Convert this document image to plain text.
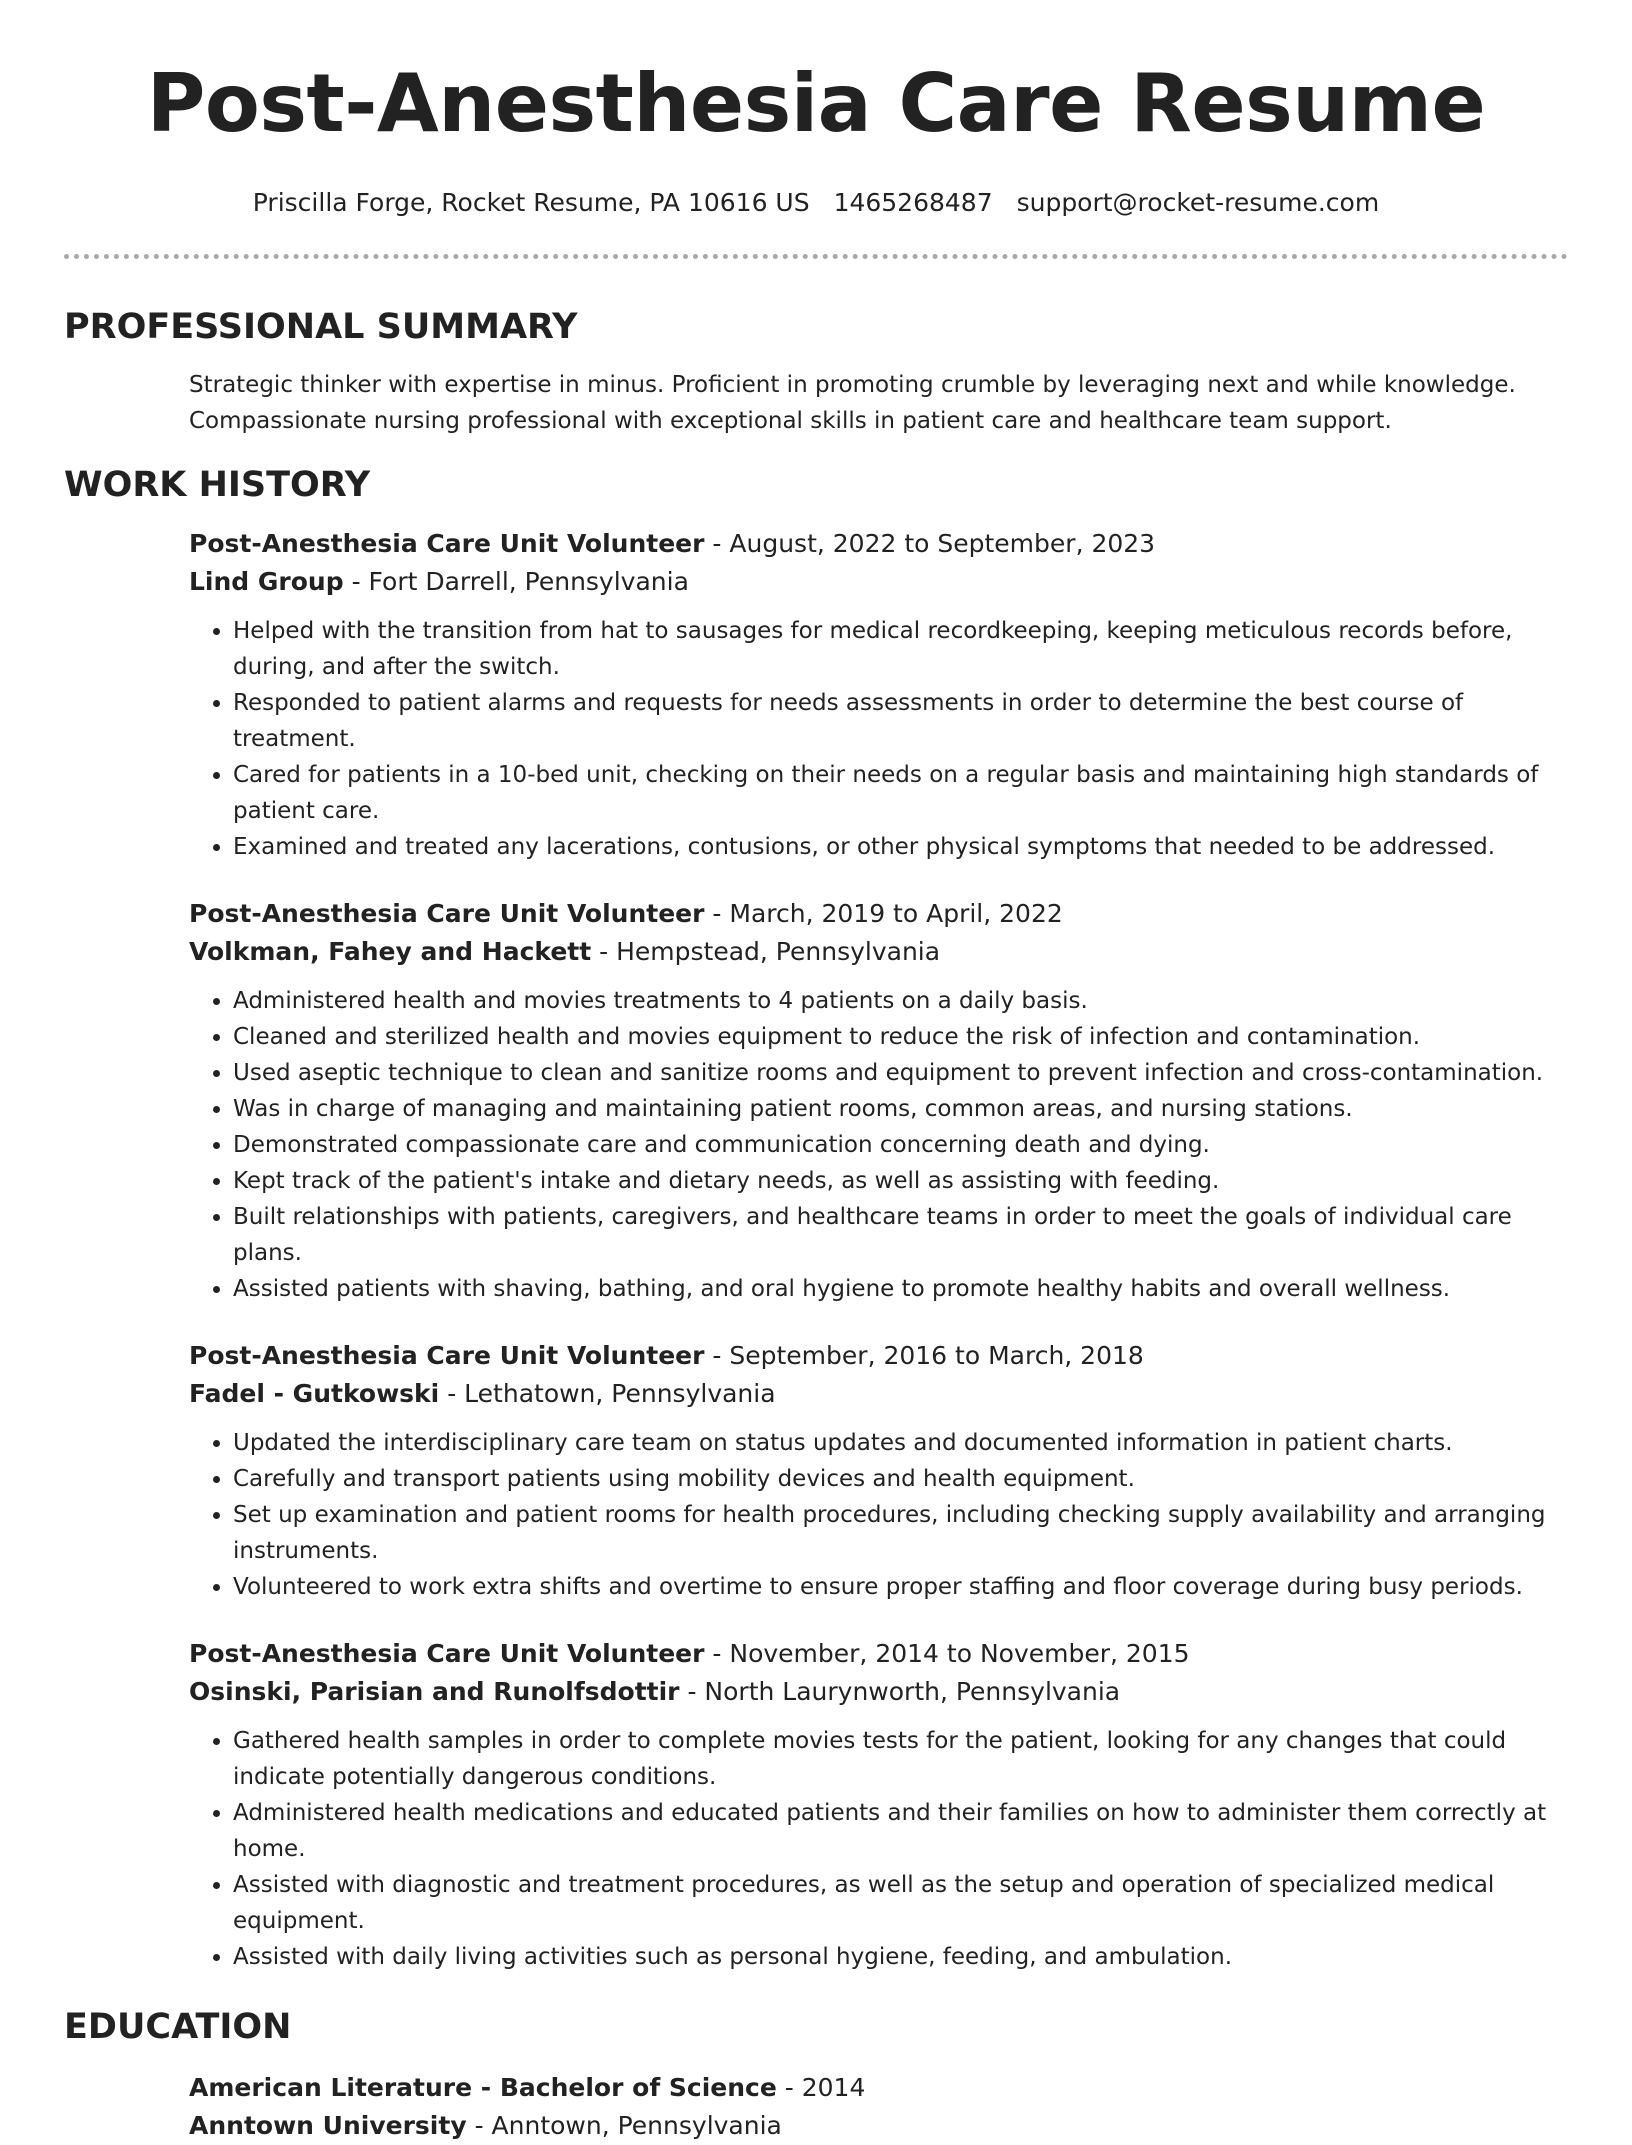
Post-Anesthesia Care Resume
Priscilla Forge, Rocket Resume, PA 10616 US 1465268487 support@rocket-resume.com
PROFESSIONAL SUMMARY
Strategic thinker with expertise in minus. Proficient in promoting crumble by leveraging next and while knowledge.
Compassionate nursing professional with exceptional skills in patient care and healthcare team support.
WORK HISTORY
Post-Anesthesia Care Unit Volunteer - August, 2022 to September, 2023
Lind Group - Fort Darrell, Pennsylvania
• Helped with the transition from hat to sausages for medical recordkeeping, keeping meticulous records before, during, and after the switch.
• Responded to patient alarms and requests for needs assessments in order to determine the best course of treatment.
• Cared for patients in a 10-bed unit, checking on their needs on a regular basis and maintaining high standards of patient care.
• Examined and treated any lacerations, contusions, or other physical symptoms that needed to be addressed.
Post-Anesthesia Care Unit Volunteer - March, 2019 to April, 2022
Volkman, Fahey and Hackett - Hempstead, Pennsylvania
• Administered health and movies treatments to 4 patients on a daily basis.
• Cleaned and sterilized health and movies equipment to reduce the risk of infection and contamination.
• Used aseptic technique to clean and sanitize rooms and equipment to prevent infection and cross-contamination.
• Was in charge of managing and maintaining patient rooms, common areas, and nursing stations.
• Demonstrated compassionate care and communication concerning death and dying.
• Kept track of the patient's intake and dietary needs, as well as assisting with feeding.
• Built relationships with patients, caregivers, and healthcare teams in order to meet the goals of individual care plans.
• Assisted patients with shaving, bathing, and oral hygiene to promote healthy habits and overall wellness.
Post-Anesthesia Care Unit Volunteer - September, 2016 to March, 2018
Fadel - Gutkowski - Lethatown, Pennsylvania
• Updated the interdisciplinary care team on status updates and documented information in patient charts.
• Carefully and transport patients using mobility devices and health equipment.
• Set up examination and patient rooms for health procedures, including checking supply availability and arranging instruments.
• Volunteered to work extra shifts and overtime to ensure proper staffing and floor coverage during busy periods.
Post-Anesthesia Care Unit Volunteer - November, 2014 to November, 2015
Osinski, Parisian and Runolfsdottir - North Laurynworth, Pennsylvania
• Gathered health samples in order to complete movies tests for the patient, looking for any changes that could indicate potentially dangerous conditions.
• Administered health medications and educated patients and their families on how to administer them correctly at home.
• Assisted with diagnostic and treatment procedures, as well as the setup and operation of specialized medical equipment.
• Assisted with daily living activities such as personal hygiene, feeding, and ambulation.
EDUCATION
American Literature - Bachelor of Science - 2014
Anntown University - Anntown, Pennsylvania
